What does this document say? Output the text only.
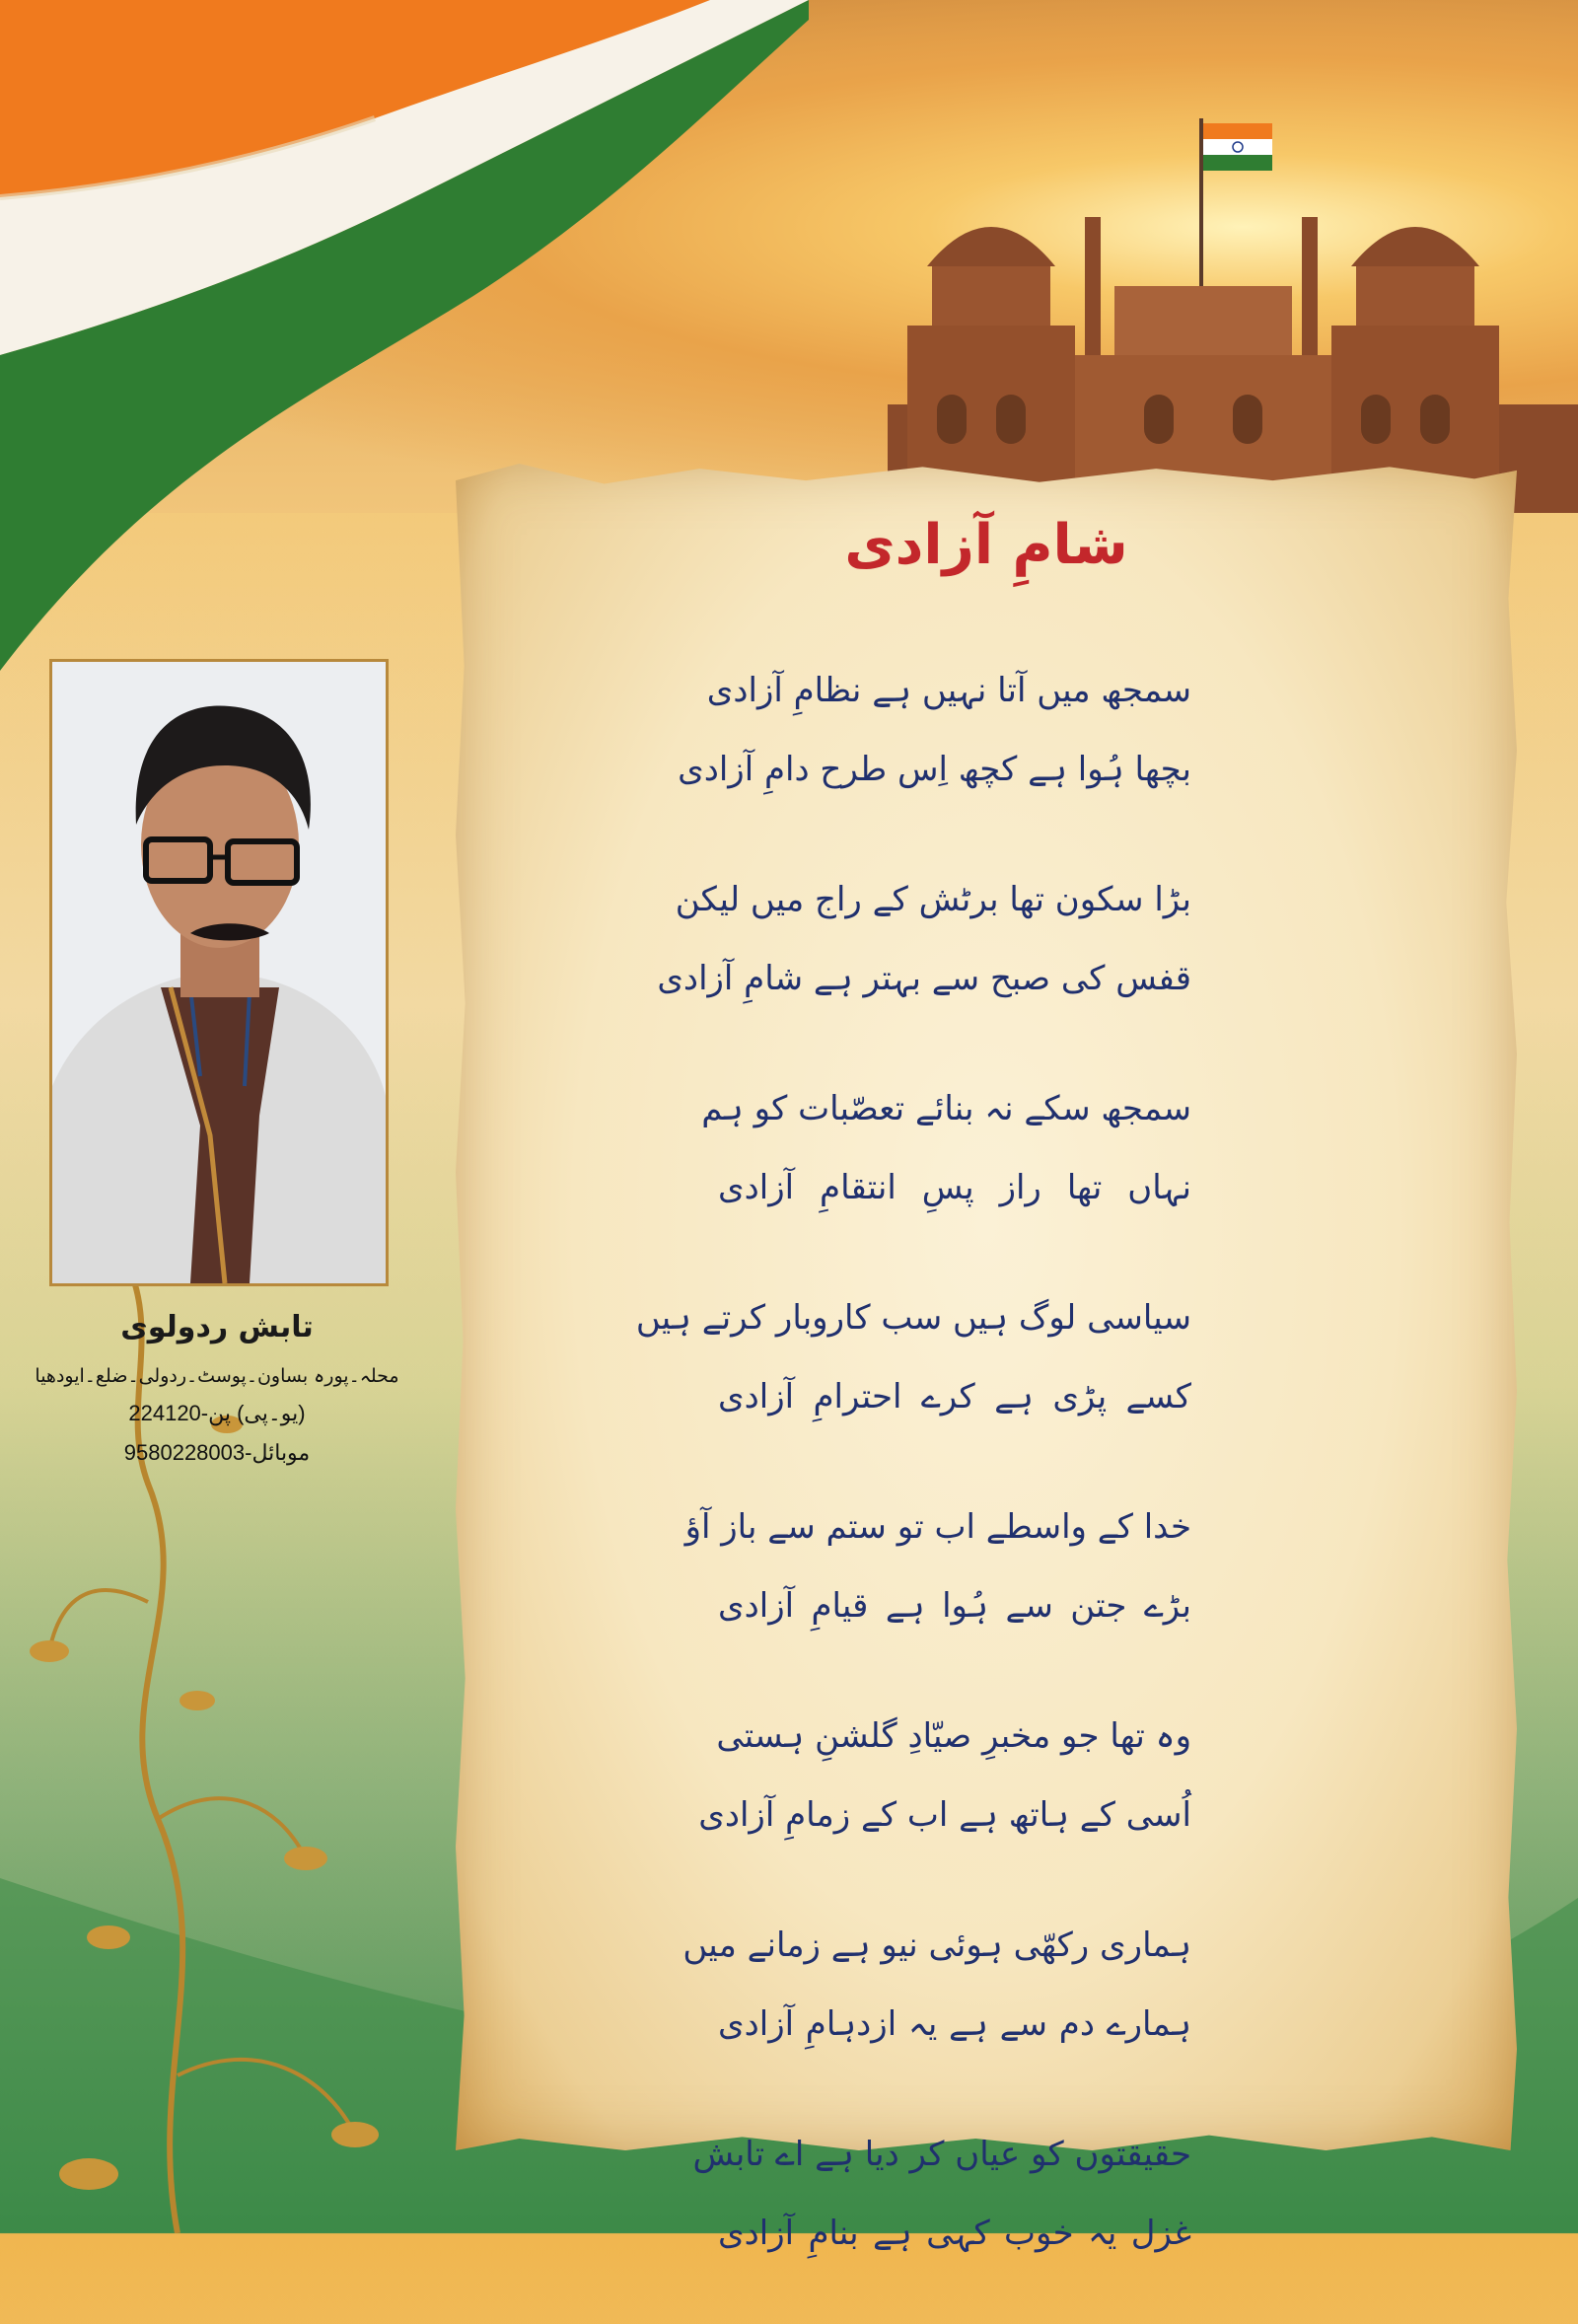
شامِ آزادی
سمجھ میں آتا نہیں ہے نظامِ آزادی
بچھا ہُوا ہے کچھ اِس طرح دامِ آزادی
بڑا سکون تھا برٹش کے راج میں لیکن
قفس کی صبح سے بہتر ہے شامِ آزادی
سمجھ سکے نہ بنائے تعصّبات کو ہم
نہاں تھا راز پسِ انتقامِ آزادی
سیاسی لوگ ہیں سب کاروبار کرتے ہیں
کسے پڑی ہے کرے احترامِ آزادی
خدا کے واسطے اب تو ستم سے باز آؤ
بڑے جتن سے ہُوا ہے قیامِ آزادی
وہ تھا جو مخبرِ صیّادِ گلشنِ ہستی
اُسی کے ہاتھ ہے اب کے زمامِ آزادی
ہماری رکھّی ہوئی نیو ہے زمانے میں
ہمارے دم سے ہے یہ ازدہامِ آزادی
حقیقتوں کو عیاں کر دیا ہے اے تابش
غزل یہ خوب کہی ہے بنامِ آزادی
تابش ردولوی
محلہ۔پورہ بساون۔پوسٹ۔ردولی۔ضلع۔ایودھیا
(یو۔پی) پن-224120
موبائل-9580228003
